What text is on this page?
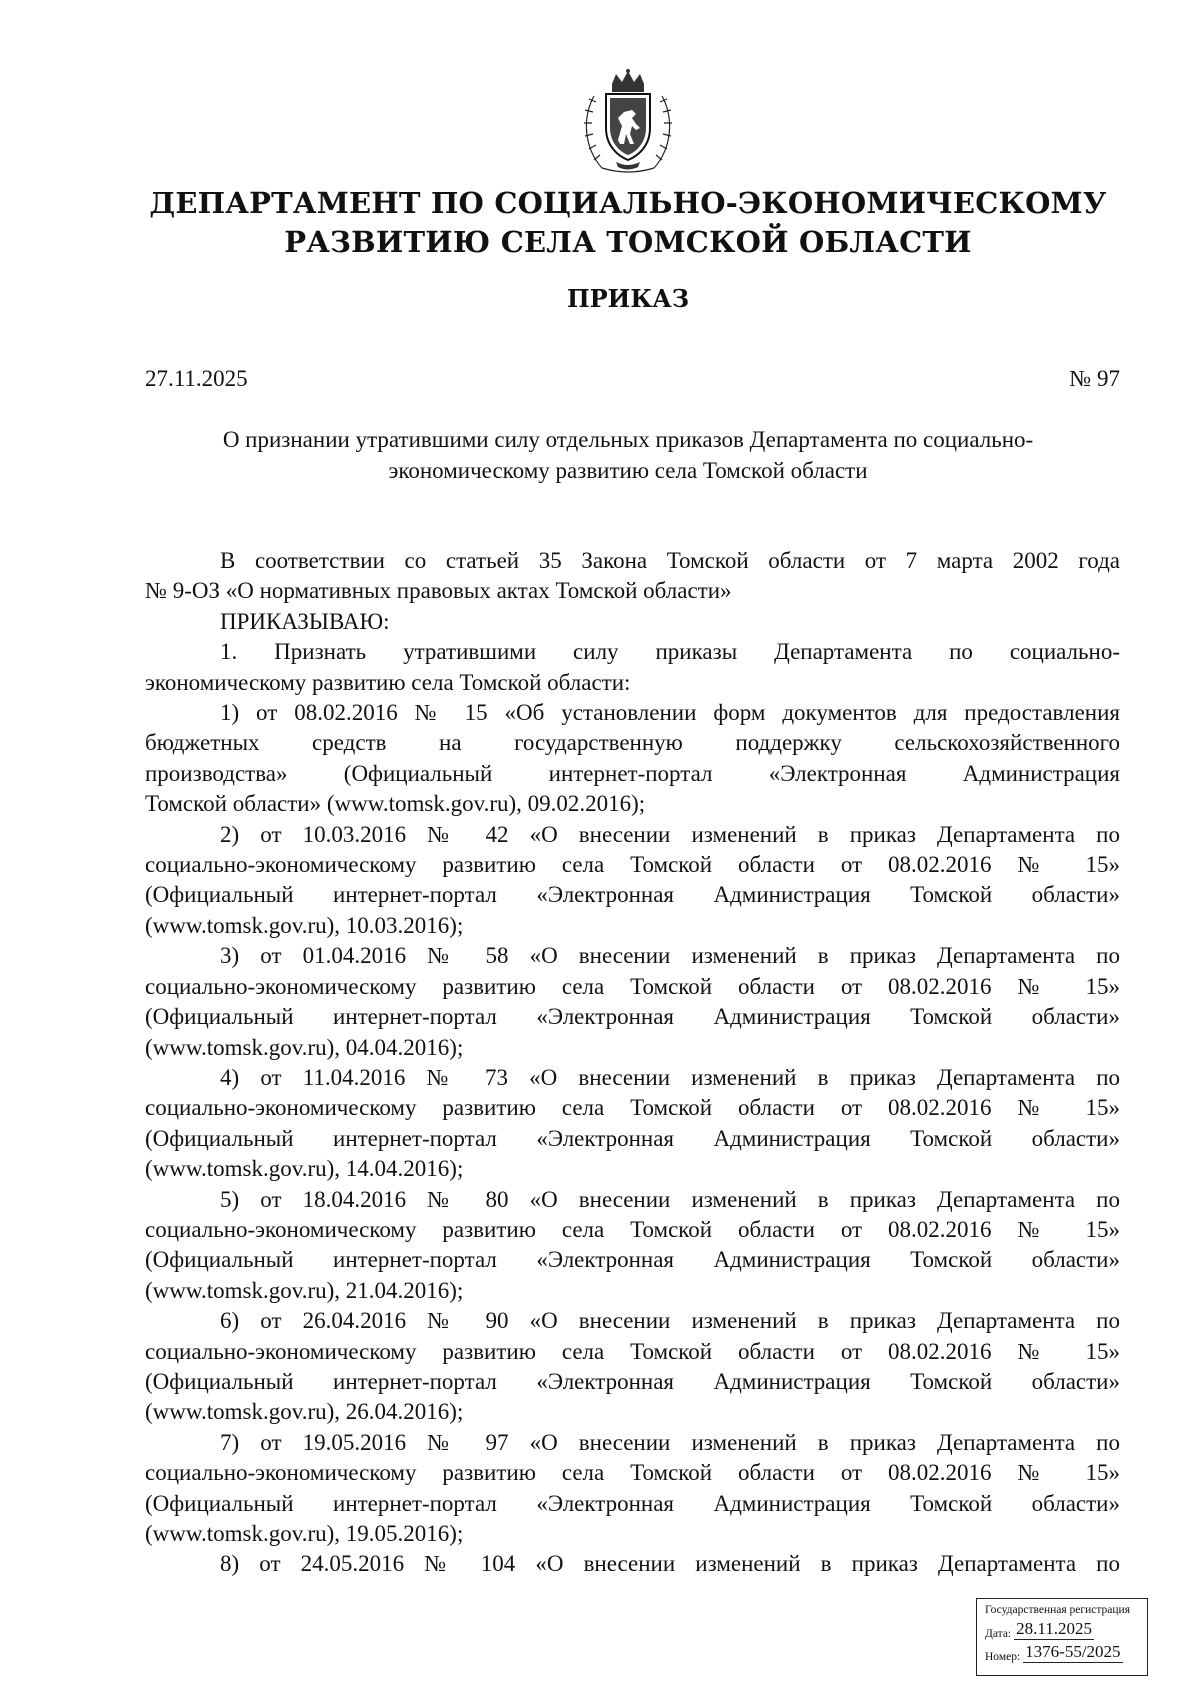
ДЕПАРТАМЕНТ ПО СОЦИАЛЬНО-ЭКОНОМИЧЕСКОМУ
РАЗВИТИЮ СЕЛА ТОМСКОЙ ОБЛАСТИ
ПРИКАЗ
27.11.2025	№ 97
О признании утратившими силу отдельных приказов Департамента по социально-
экономическому развитию села Томской области
В соответствии со статьей 35 Закона Томской области от 7 марта 2002 года
№ 9-ОЗ «О нормативных правовых актах Томской области»
ПРИКАЗЫВАЮ:
1. Признать утратившими силу приказы Департамента по социально-
экономическому развитию села Томской области:
1) от 08.02.2016 № 15 «Об установлении форм документов для предоставления
бюджетных средств на государственную поддержку сельскохозяйственного
производства» (Официальный интернет-портал «Электронная Администрация
Томской области» (www.tomsk.gov.ru), 09.02.2016);
2) от 10.03.2016 № 42 «О внесении изменений в приказ Департамента по
социально-экономическому развитию села Томской области от 08.02.2016 № 15»
(Официальный интернет-портал «Электронная Администрация Томской области»
(www.tomsk.gov.ru), 10.03.2016);
3) от 01.04.2016 № 58 «О внесении изменений в приказ Департамента по
социально-экономическому развитию села Томской области от 08.02.2016 № 15»
(Официальный интернет-портал «Электронная Администрация Томской области»
(www.tomsk.gov.ru), 04.04.2016);
4) от 11.04.2016 № 73 «О внесении изменений в приказ Департамента по
социально-экономическому развитию села Томской области от 08.02.2016 № 15»
(Официальный интернет-портал «Электронная Администрация Томской области»
(www.tomsk.gov.ru), 14.04.2016);
5) от 18.04.2016 № 80 «О внесении изменений в приказ Департамента по
социально-экономическому развитию села Томской области от 08.02.2016 № 15»
(Официальный интернет-портал «Электронная Администрация Томской области»
(www.tomsk.gov.ru), 21.04.2016);
6) от 26.04.2016 № 90 «О внесении изменений в приказ Департамента по
социально-экономическому развитию села Томской области от 08.02.2016 № 15»
(Официальный интернет-портал «Электронная Администрация Томской области»
(www.tomsk.gov.ru), 26.04.2016);
7) от 19.05.2016 № 97 «О внесении изменений в приказ Департамента по
социально-экономическому развитию села Томской области от 08.02.2016 № 15»
(Официальный интернет-портал «Электронная Администрация Томской области»
(www.tomsk.gov.ru), 19.05.2016);
8) от 24.05.2016 № 104 «О внесении изменений в приказ Департамента по
Государственная регистрация
Дата: 28.11.2025
Номер: 1376-55/2025
